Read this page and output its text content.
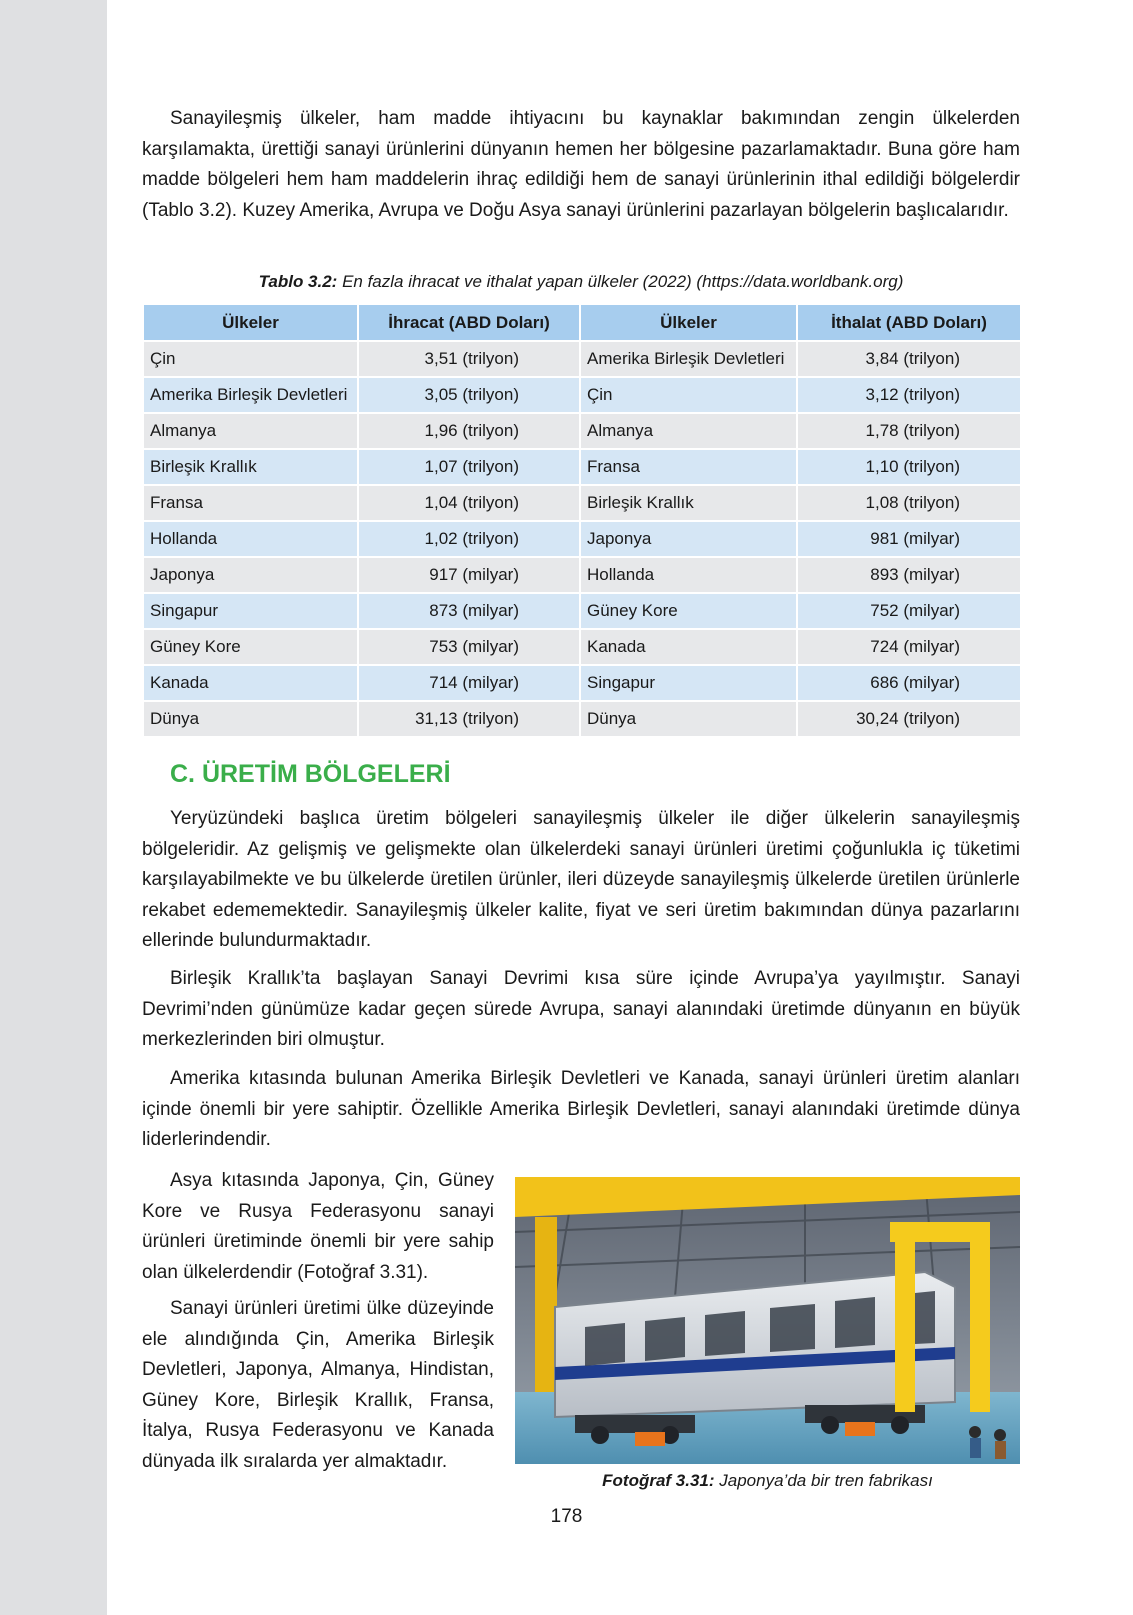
Sanayileşmiş ülkeler, ham madde ihtiyacını bu kaynaklar bakımından zengin ülkelerden karşılamakta, ürettiği sanayi ürünlerini dünyanın hemen her bölgesine pazarlamaktadır. Buna göre ham madde bölgeleri hem ham maddelerin ihraç edildiği hem de sanayi ürünlerinin ithal edildiği bölgelerdir (Tablo 3.2). Kuzey Amerika, Avrupa ve Doğu Asya sanayi ürünlerini pazarlayan bölgelerin başlıcalarıdır.

Tablo 3.2: En fazla ihracat ve ithalat yapan ülkeler (2022) (https://data.worldbank.org)
Ülkeler	İhracat (ABD Doları)	Ülkeler	İthalat (ABD Doları)
Çin	3,51 (trilyon)	Amerika Birleşik Devletleri	3,84 (trilyon)
Amerika Birleşik Devletleri	3,05 (trilyon)	Çin	3,12 (trilyon)
Almanya	1,96 (trilyon)	Almanya	1,78 (trilyon)
Birleşik Krallık	1,07 (trilyon)	Fransa	1,10 (trilyon)
Fransa	1,04 (trilyon)	Birleşik Krallık	1,08 (trilyon)
Hollanda	1,02 (trilyon)	Japonya	981 (milyar)
Japonya	917 (milyar)	Hollanda	893 (milyar)
Singapur	873 (milyar)	Güney Kore	752 (milyar)
Güney Kore	753 (milyar)	Kanada	724 (milyar)
Kanada	714 (milyar)	Singapur	686 (milyar)
Dünya	31,13 (trilyon)	Dünya	30,24 (trilyon)
C. ÜRETİM BÖLGELERİ

Yeryüzündeki başlıca üretim bölgeleri sanayileşmiş ülkeler ile diğer ülkelerin sanayileşmiş bölgeleridir. Az gelişmiş ve gelişmekte olan ülkelerdeki sanayi ürünleri üretimi çoğunlukla iç tüketimi karşılayabilmekte ve bu ülkelerde üretilen ürünler, ileri düzeyde sanayileşmiş ülkelerde üretilen ürünlerle rekabet edememektedir. Sanayileşmiş ülkeler kalite, fiyat ve seri üretim bakımından dünya pazarlarını ellerinde bulundurmaktadır.

Birleşik Krallık’ta başlayan Sanayi Devrimi kısa süre içinde Avrupa’ya yayılmıştır. Sanayi Devrimi’nden günümüze kadar geçen sürede Avrupa, sanayi alanındaki üretimde dünyanın en büyük merkezlerinden biri olmuştur.

Amerika kıtasında bulunan Amerika Birleşik Devletleri ve Kanada, sanayi ürünleri üretim alanları içinde önemli bir yere sahiptir. Özellikle Amerika Birleşik Devletleri, sanayi alanındaki üretimde dünya liderlerindendir.

Asya kıtasında Japonya, Çin, Güney Kore ve Rusya Federasyonu sanayi ürünleri üretiminde önemli bir yere sahip olan ülkelerdendir (Fotoğraf 3.31).

Sanayi ürünleri üretimi ülke düzeyinde ele alındığında Çin, Amerika Birleşik Devletleri, Japonya, Almanya, Hindistan, Güney Kore, Birleşik Krallık, Fransa, İtalya, Rusya Federasyonu ve Kanada dünyada ilk sıralarda yer almaktadır.

Fotoğraf 3.31: Japonya’da bir tren fabrikası
178
